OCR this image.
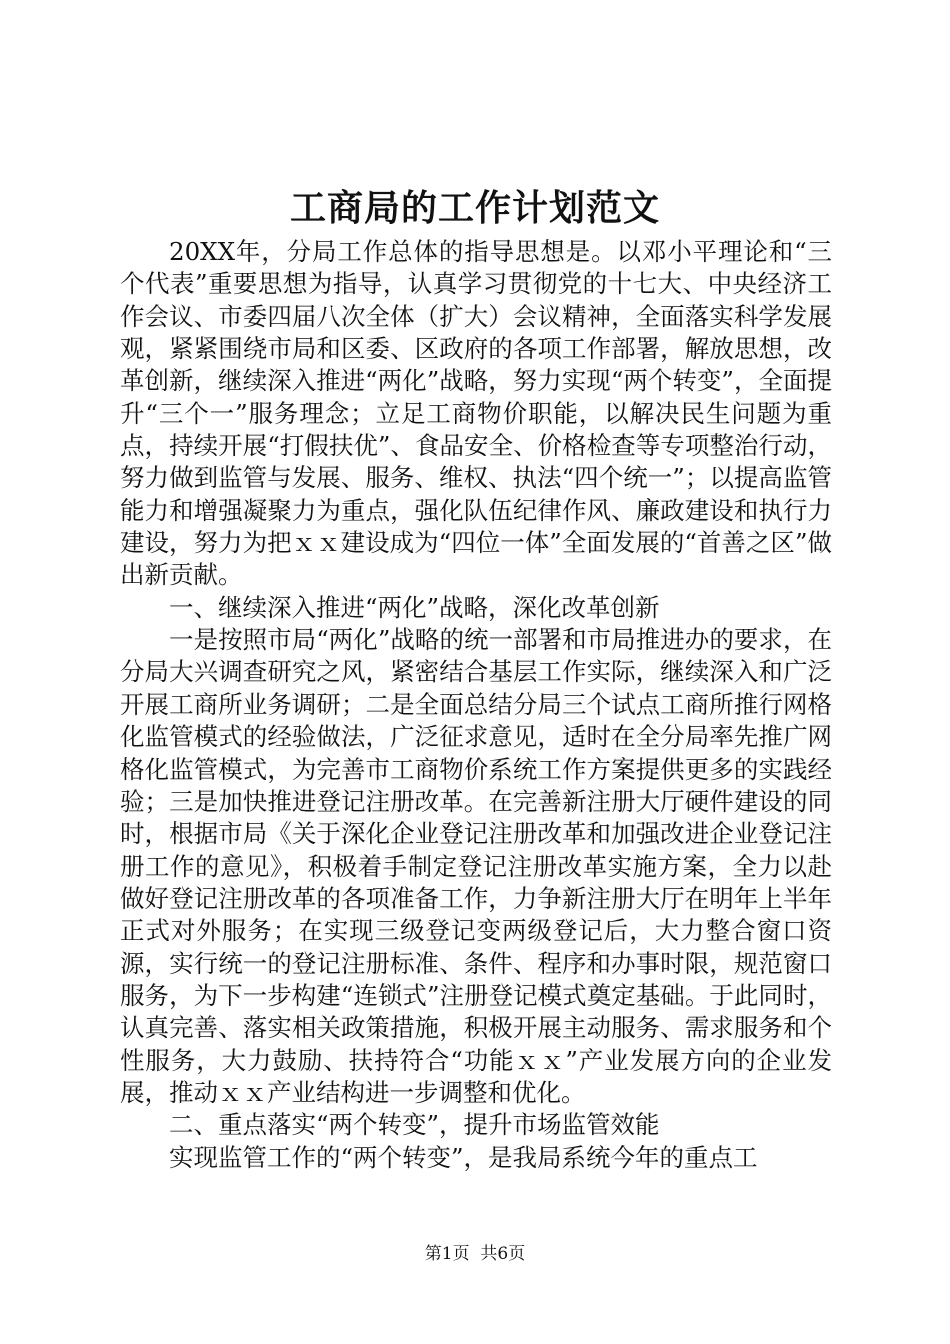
工商局的工作计划范文

20XX年，分局工作总体的指导思想是。以邓小平理论和“三个代表”重要思想为指导，认真学习贯彻党的十七大、中央经济工作会议、市委四届八次全体（扩大）会议精神，全面落实科学发展观，紧紧围绕市局和区委、区政府的各项工作部署，解放思想，改革创新，继续深入推进“两化”战略，努力实现“两个转变”，全面提升“三个一”服务理念；立足工商物价职能，以解决民生问题为重点，持续开展“打假扶优”、食品安全、价格检查等专项整治行动，努力做到监管与发展、服务、维权、执法“四个统一”；以提高监管能力和增强凝聚力为重点，强化队伍纪律作风、廉政建设和执行力建设，努力为把ｘｘ建设成为“四位一体”全面发展的“首善之区”做出新贡献。

一、继续深入推进“两化”战略，深化改革创新

一是按照市局“两化”战略的统一部署和市局推进办的要求，在分局大兴调查研究之风，紧密结合基层工作实际，继续深入和广泛开展工商所业务调研；二是全面总结分局三个试点工商所推行网格化监管模式的经验做法，广泛征求意见，适时在全分局率先推广网格化监管模式，为完善市工商物价系统工作方案提供更多的实践经验；三是加快推进登记注册改革。在完善新注册大厅硬件建设的同时，根据市局《关于深化企业登记注册改革和加强改进企业登记注册工作的意见》，积极着手制定登记注册改革实施方案，全力以赴做好登记注册改革的各项准备工作，力争新注册大厅在明年上半年正式对外服务；在实现三级登记变两级登记后，大力整合窗口资源，实行统一的登记注册标准、条件、程序和办事时限，规范窗口服务，为下一步构建“连锁式”注册登记模式奠定基础。于此同时，认真完善、落实相关政策措施，积极开展主动服务、需求服务和个性服务，大力鼓励、扶持符合“功能ｘｘ”产业发展方向的企业发展，推动ｘｘ产业结构进一步调整和优化。

二、重点落实“两个转变”，提升市场监管效能

实现监管工作的“两个转变”，是我局系统今年的重点工

第1页 共6页
